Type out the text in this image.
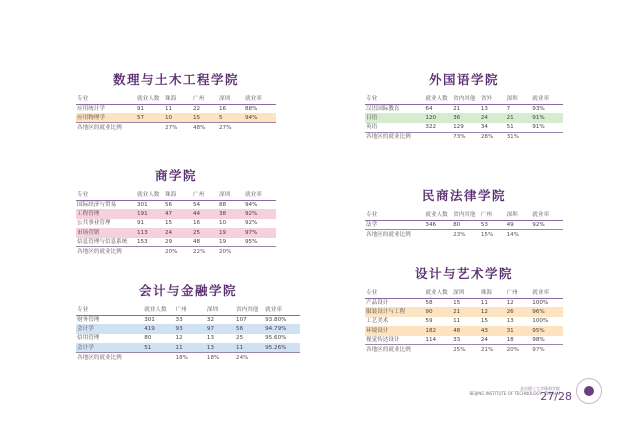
数理与土木工程学院
专业	就业人数	珠海	广州	深圳	就业率
应用统计学	91	11	22	16	88%
应用物理学	57	10	15	5	94%
各地区的就业比例		27%	48%	27%	
外国语学院
专业	就业人数	省内其他	省外	深圳	就业率
汉语国际教育	64	21	13	7	93%
日语	120	36	24	21	91%
英语	322	129	34	51	91%
各地区的就业比例		73%	28%	31%	
商学院
专业	就业人数	珠海	广州	深圳	就业率
国际经济与贸易	301	56	54	88	94%
工程管理	191	47	44	38	92%
公共事业管理	91	15	16	10	92%
市场营销	113	24	25	19	97%
信息管理与信息系统	153	29	48	19	95%
各地区的就业比例		20%	22%	20%	
民商法律学院
专业	就业人数	省内其他	广州	深圳	就业率
法学	346	80	53	49	92%
各地区的就业比例		23%	15%	14%	
会计与金融学院
专业	就业人数	广州	深圳	省内其他	就业率
财务管理	301	33	32	107	93.80%
会计学	419	93	97	56	94.79%
信用管理	80	12	13	25	95.60%
会计学	51	11	13	11	95.26%
各地区的就业比例		18%	18%	24%	
设计与艺术学院
专业	就业人数	深圳	珠海	广州	就业率
产品设计	58	15	11	12	100%
服装设计与工程	90	21	12	26	96%
工艺美术	59	11	15	13	100%
环境设计	182	48	43	31	95%
视觉传达设计	114	33	24	18	98%
各地区的就业比例		25%	21%	20%	97%
北京理工大学珠海学院
BEIJING INSTITUTE OF TECHNOLOGY, ZHUHAI
27/28
